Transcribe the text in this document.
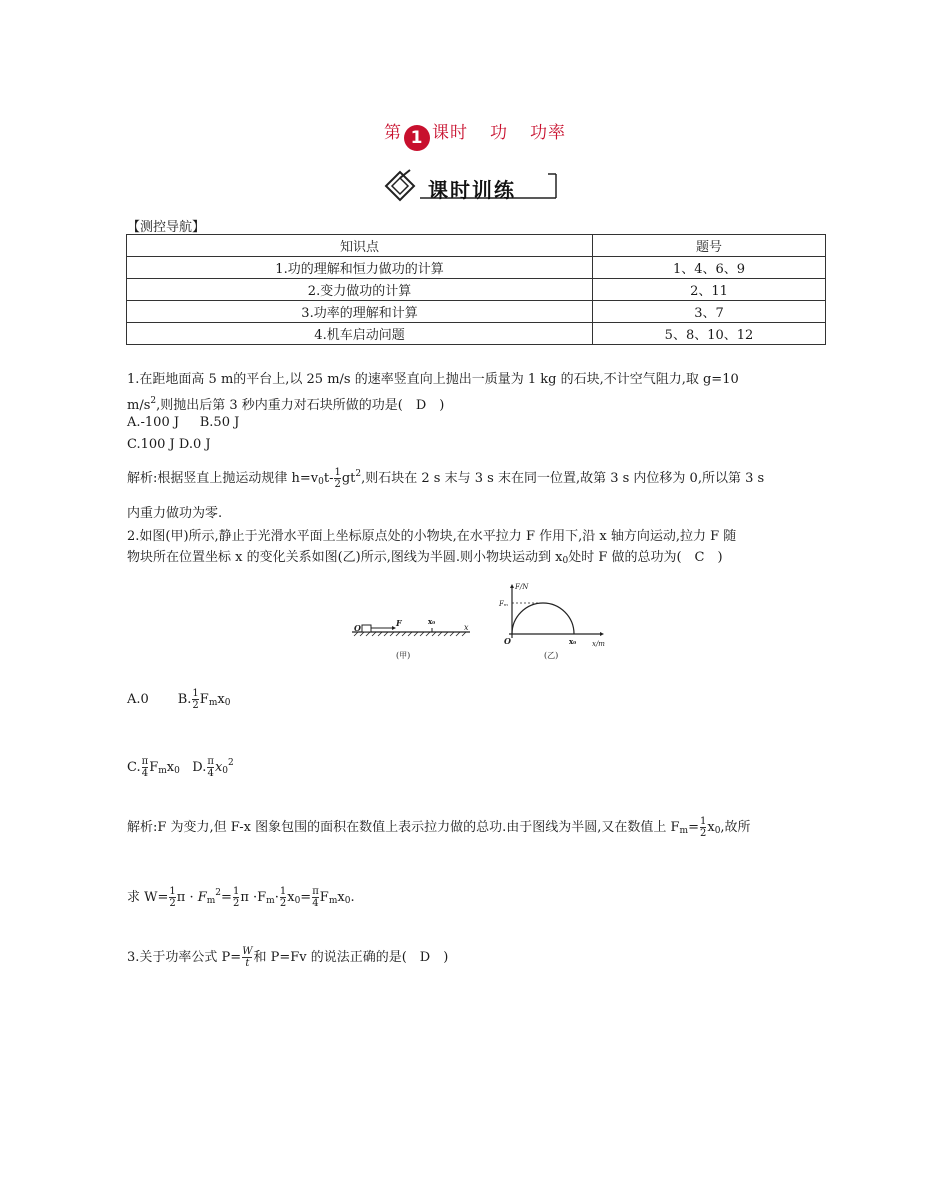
第 1 课时 功 功率
课时训练
【测控导航】
知识点	题号
1.功的理解和恒力做功的计算	1、4、6、9
2.变力做功的计算	2、11
3.功率的理解和计算	3、7
4.机车启动问题	5、8、10、12
1.在距地面高 5 m的平台上,以 25 m/s 的速率竖直向上抛出一质量为 1 kg 的石块,不计空气阻力,取 g=10
$m/s^2$,则抛出后第 3 秒内重力对石块所做的功是(　D　)
A.-100 J B.50 J
C.100 J D.0 J
解析:根据竖直上抛运动规律 $h=v_0t- \frac{1}{2} gt^2$,则石块在 2 s 末与 3 s 末在同一位置,故第 3 s 内位移为 0,所以第 3 s
内重力做功为零.
2.如图(甲)所示,静止于光滑水平面上坐标原点处的小物块,在水平拉力 F 作用下,沿 x 轴方向运动,拉力 F 随
物块所在位置坐标 x 的变化关系如图(乙)所示,图线为半圆.则小物块运动到 $x_0$处时 F 做的总功为(　C　)
O	F	x₀
x
(甲)
O
F/N
Fₘ
x₀ x/m
(乙)
A.0 B. $\frac{1}{2} F_mx_0$
C. $\frac{\pi}{4} F_mx_0$ D. $\frac{\pi}{4} x_0^2$
解析:F 为变力,但 F-x 图象包围的面积在数值上表示拉力做的总功.由于图线为半圆,又在数值上 $F_m= \frac{1}{2} x_0$,故所
求 $W= \frac{1}{2}$ $\pi \cdot F_m^2= \frac{1}{2}$ $\pi \cdot F_m\cdot \frac{1}{2} x_0= \frac{\pi}{4} F_mx_0$.
3.关于功率公式 $P= \frac{W}{t}$ 和 P=Fv 的说法正确的是(　D　)
